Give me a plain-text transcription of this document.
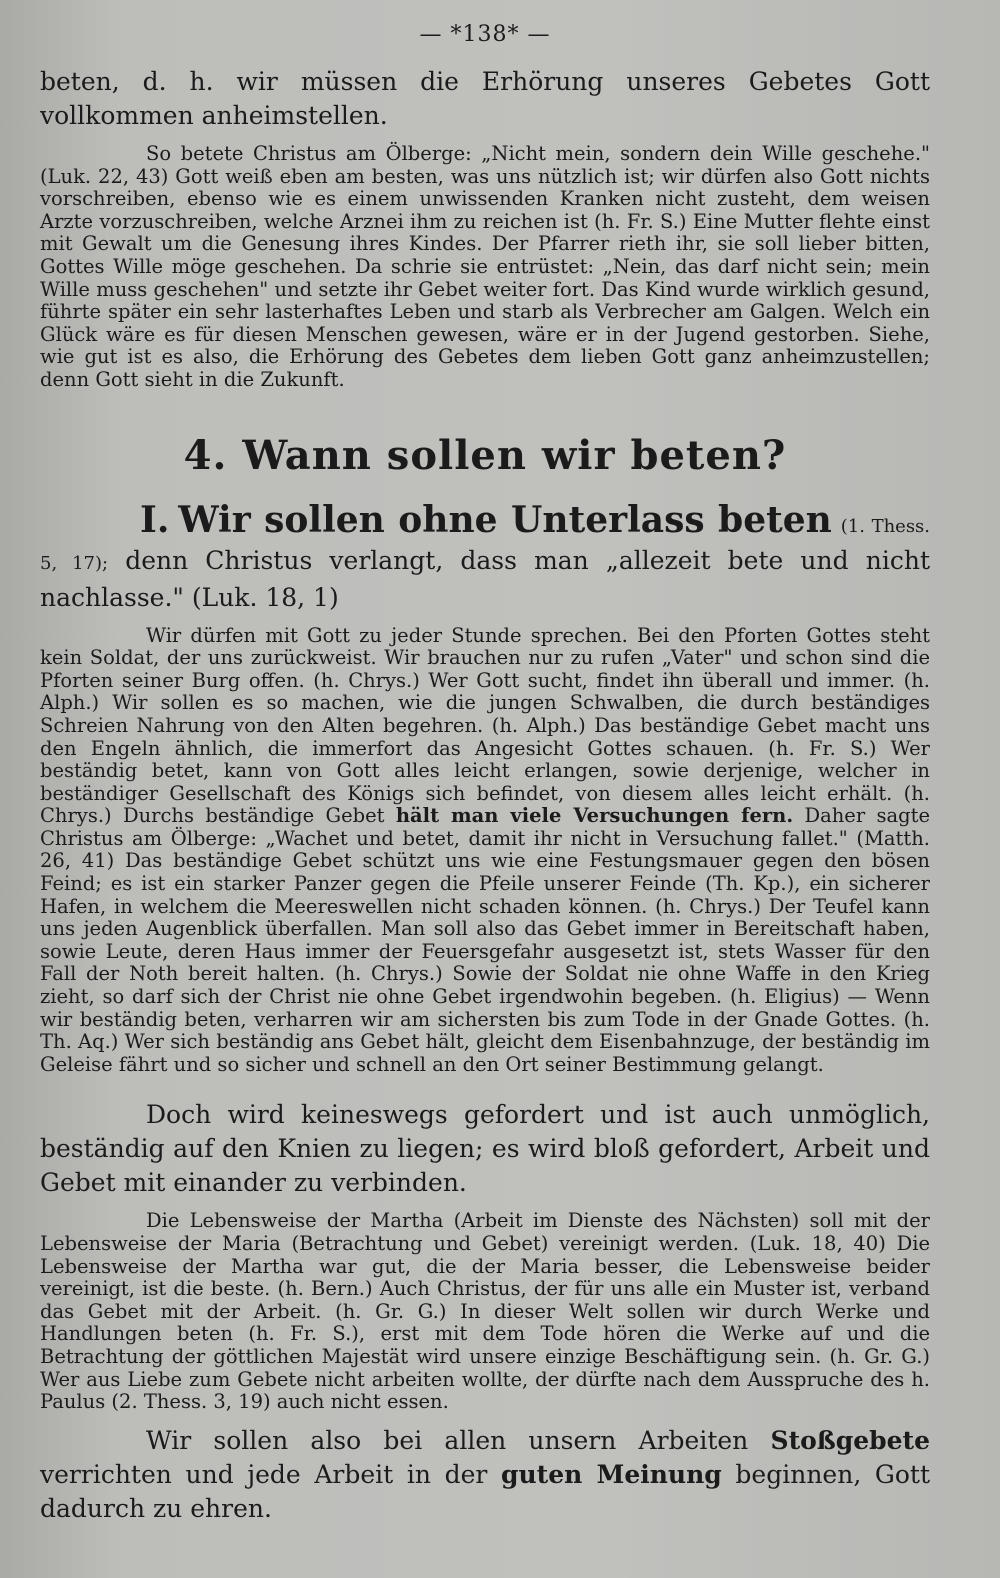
— *138* —

beten, d. h. wir müssen die Erhörung unseres Gebetes Gott vollkommen anheimstellen.

So betete Christus am Ölberge: „Nicht mein, sondern dein Wille geschehe." (Luk. 22, 43) Gott weiß eben am besten, was uns nützlich ist; wir dürfen also Gott nichts vorschreiben, ebenso wie es einem unwissenden Kranken nicht zusteht, dem weisen Arzte vorzuschreiben, welche Arznei ihm zu reichen ist (h. Fr. S.) Eine Mutter flehte einst mit Gewalt um die Genesung ihres Kindes. Der Pfarrer rieth ihr, sie soll lieber bitten, Gottes Wille möge geschehen. Da schrie sie entrüstet: „Nein, das darf nicht sein; mein Wille muss geschehen" und setzte ihr Gebet weiter fort. Das Kind wurde wirklich gesund, führte später ein sehr lasterhaftes Leben und starb als Verbrecher am Galgen. Welch ein Glück wäre es für diesen Menschen gewesen, wäre er in der Jugend gestorben. Siehe, wie gut ist es also, die Erhörung des Gebetes dem lieben Gott ganz anheimzustellen; denn Gott sieht in die Zukunft.

4. Wann sollen wir beten?

I. Wir sollen ohne Unterlass beten (1. Thess. 5, 17); denn Christus verlangt, dass man „allezeit bete und nicht nachlasse." (Luk. 18, 1)

Wir dürfen mit Gott zu jeder Stunde sprechen. Bei den Pforten Gottes steht kein Soldat, der uns zurückweist. Wir brauchen nur zu rufen „Vater" und schon sind die Pforten seiner Burg offen. (h. Chrys.) Wer Gott sucht, findet ihn überall und immer. (h. Alph.) Wir sollen es so machen, wie die jungen Schwalben, die durch beständiges Schreien Nahrung von den Alten begehren. (h. Alph.) Das beständige Gebet macht uns den Engeln ähnlich, die immerfort das Angesicht Gottes schauen. (h. Fr. S.) Wer beständig betet, kann von Gott alles leicht erlangen, sowie derjenige, welcher in beständiger Gesellschaft des Königs sich befindet, von diesem alles leicht erhält. (h. Chrys.) Durchs beständige Gebet hält man viele Versuchungen fern. Daher sagte Christus am Ölberge: „Wachet und betet, damit ihr nicht in Versuchung fallet." (Matth. 26, 41) Das beständige Gebet schützt uns wie eine Festungsmauer gegen den bösen Feind; es ist ein starker Panzer gegen die Pfeile unserer Feinde (Th. Kp.), ein sicherer Hafen, in welchem die Meereswellen nicht schaden können. (h. Chrys.) Der Teufel kann uns jeden Augenblick überfallen. Man soll also das Gebet immer in Bereitschaft haben, sowie Leute, deren Haus immer der Feuersgefahr ausgesetzt ist, stets Wasser für den Fall der Noth bereit halten. (h. Chrys.) Sowie der Soldat nie ohne Waffe in den Krieg zieht, so darf sich der Christ nie ohne Gebet irgendwohin begeben. (h. Eligius) — Wenn wir beständig beten, verharren wir am sichersten bis zum Tode in der Gnade Gottes. (h. Th. Aq.) Wer sich beständig ans Gebet hält, gleicht dem Eisenbahnzuge, der beständig im Geleise fährt und so sicher und schnell an den Ort seiner Bestimmung gelangt.

Doch wird keineswegs gefordert und ist auch unmöglich, beständig auf den Knien zu liegen; es wird bloß gefordert, Arbeit und Gebet mit einander zu verbinden.

Die Lebensweise der Martha (Arbeit im Dienste des Nächsten) soll mit der Lebensweise der Maria (Betrachtung und Gebet) vereinigt werden. (Luk. 18, 40) Die Lebensweise der Martha war gut, die der Maria besser, die Lebensweise beider vereinigt, ist die beste. (h. Bern.) Auch Christus, der für uns alle ein Muster ist, verband das Gebet mit der Arbeit. (h. Gr. G.) In dieser Welt sollen wir durch Werke und Handlungen beten (h. Fr. S.), erst mit dem Tode hören die Werke auf und die Betrachtung der göttlichen Majestät wird unsere einzige Beschäftigung sein. (h. Gr. G.) Wer aus Liebe zum Gebete nicht arbeiten wollte, der dürfte nach dem Ausspruche des h. Paulus (2. Thess. 3, 19) auch nicht essen.

Wir sollen also bei allen unsern Arbeiten Stoßgebete verrichten und jede Arbeit in der guten Meinung beginnen, Gott dadurch zu ehren.
